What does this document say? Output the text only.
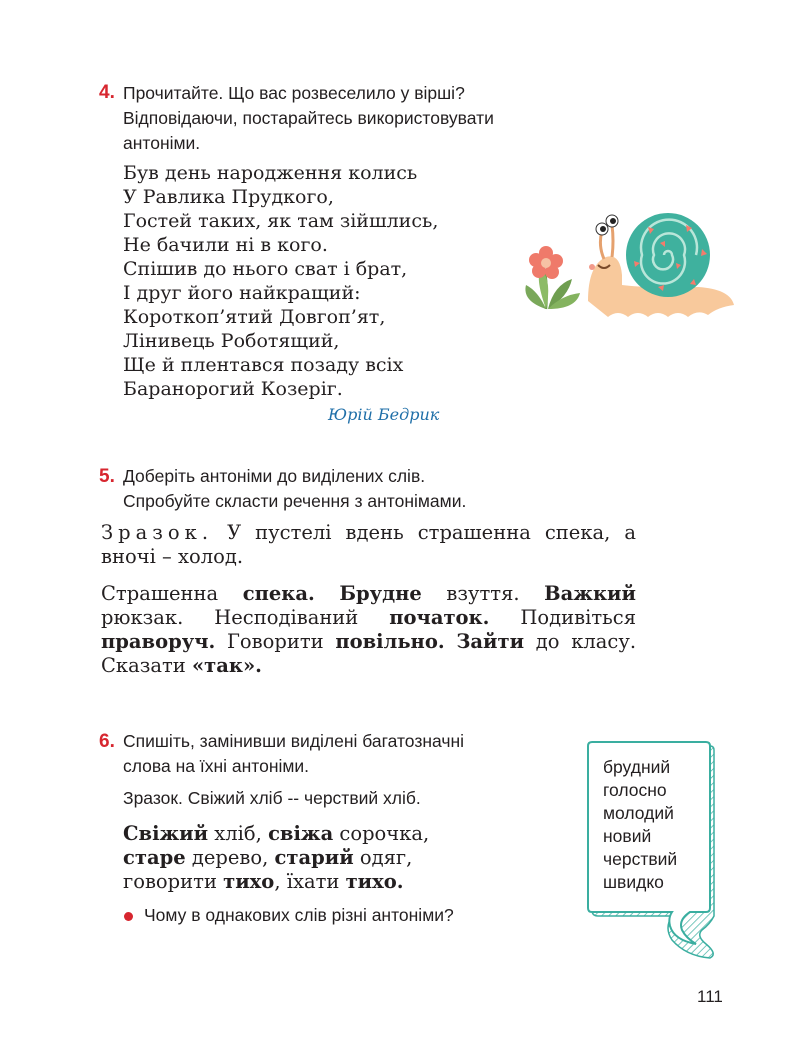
4. Прочитайте. Що вас розвеселило у вірші?
Відповідаючи, постарайтесь використовувати
антоніми.
Був день народження колись
У Равлика Прудкого,
Гостей таких, як там зійшлись,
Не бачили ні в кого.
Спішив до нього сват і брат,
І друг його найкращий:
Короткоп’ятий Довгоп’ят,
Лінивець Роботящий,
Ще й плентався позаду всіх
Баранорогий Козеріг.
Юрій Бедрик
5. Доберіть антоніми до виділених слів.
Спробуйте скласти речення з антонімами.
Зразок. У пустелі вдень страшенна спека, а вночі – холод.
Страшенна спека. Брудне взуття. Важкий рюкзак. Несподіваний початок. Подивіться праворуч. Говорити повільно. Зайти до класу. Сказати «так».
6. Спишіть, замінивши виділені багатозначні
слова на їхні антоніми.
Зразок. Свіжий хліб -- черствий хліб.
Свіжий хліб, свіжа сорочка,
старе дерево, старий одяг,
говорити тихо, їхати тихо.
Чому в однакових слів різні антоніми?
брудний
голосно
молодий
новий
черствий
швидко
111
